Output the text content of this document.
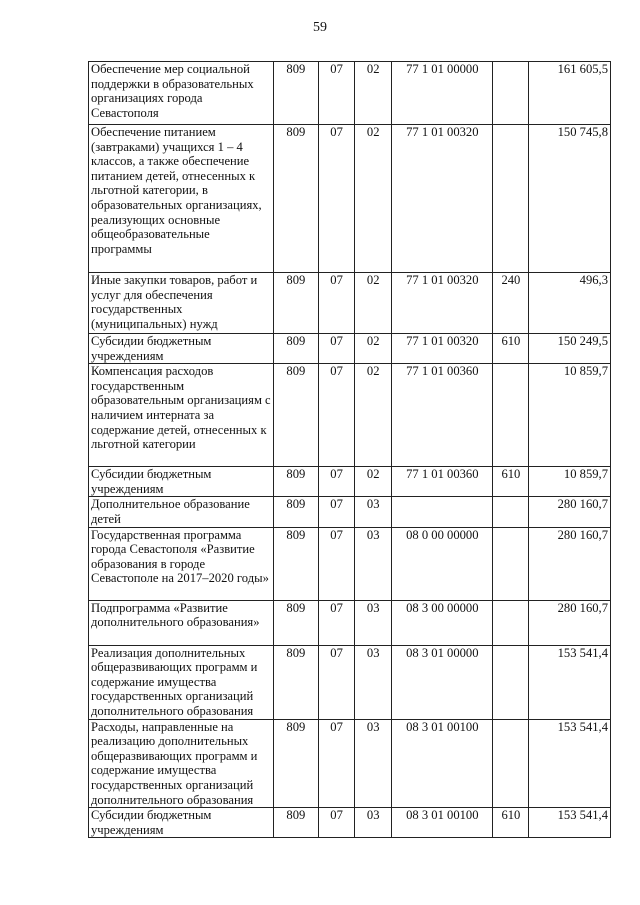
59
Обеспечение мер социальной поддержки в образовательных организациях города Севастополя	809	07	02	77 1 01 00000		161 605,5

Обеспечение питанием (завтраками) учащихся 1 – 4 классов, а также обеспечение питанием детей, отнесенных к льготной категории, в образовательных организациях, реализующих основные общеобразовательные программы	809	07	02	77 1 01 00320		150 745,8

Иные закупки товаров, работ и услуг для обеспечения государственных (муниципальных) нужд	809	07	02	77 1 01 00320	240	496,3

Субсидии бюджетным учреждениям	809	07	02	77 1 01 00320	610	150 249,5

Компенсация расходов государственным образовательным организациям с наличием интерната за содержание детей, отнесенных к льготной категории	809	07	02	77 1 01 00360		10 859,7

Субсидии бюджетным учреждениям	809	07	02	77 1 01 00360	610	10 859,7

Дополнительное образование детей	809	07	03			280 160,7

Государственная программа города Севастополя «Развитие образования в городе Севастополе на 2017–2020 годы»	809	07	03	08 0 00 00000		280 160,7

Подпрограмма «Развитие дополнительного образования»	809	07	03	08 3 00 00000		280 160,7

Реализация дополнительных общеразвивающих программ и содержание имущества государственных организаций дополнительного образования	809	07	03	08 3 01 00000		153 541,4

Расходы, направленные на реализацию дополнительных общеразвивающих программ и содержание имущества государственных организаций дополнительного образования	809	07	03	08 3 01 00100		153 541,4

Субсидии бюджетным учреждениям	809	07	03	08 3 01 00100	610	153 541,4
